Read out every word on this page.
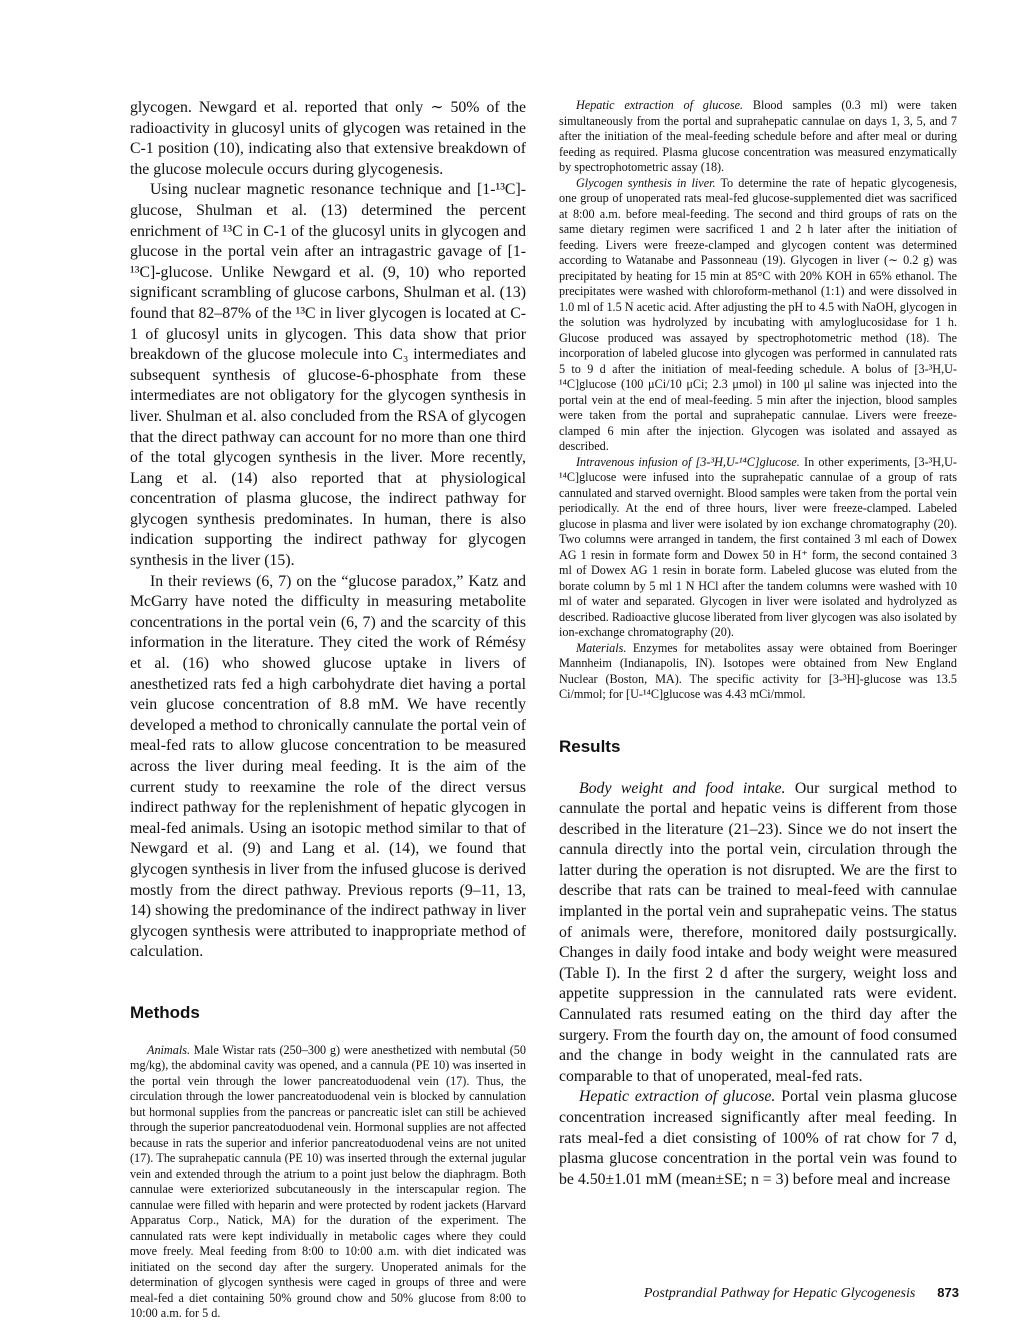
glycogen. Newgard et al. reported that only ∼ 50% of the radioactivity in glucosyl units of glycogen was retained in the C-1 position (10), indicating also that extensive breakdown of the glucose molecule occurs during glycogenesis.

Using nuclear magnetic resonance technique and [1-¹³C]-glucose, Shulman et al. (13) determined the percent enrichment of ¹³C in C-1 of the glucosyl units in glycogen and glucose in the portal vein after an intragastric gavage of [1-¹³C]-glucose. Unlike Newgard et al. (9, 10) who reported significant scrambling of glucose carbons, Shulman et al. (13) found that 82–87% of the ¹³C in liver glycogen is located at C-1 of glucosyl units in glycogen. This data show that prior breakdown of the glucose molecule into C₃ intermediates and subsequent synthesis of glucose-6-phosphate from these intermediates are not obligatory for the glycogen synthesis in liver. Shulman et al. also concluded from the RSA of glycogen that the direct pathway can account for no more than one third of the total glycogen synthesis in the liver. More recently, Lang et al. (14) also reported that at physiological concentration of plasma glucose, the indirect pathway for glycogen synthesis predominates. In human, there is also indication supporting the indirect pathway for glycogen synthesis in the liver (15).

In their reviews (6, 7) on the “glucose paradox,” Katz and McGarry have noted the difficulty in measuring metabolite concentrations in the portal vein (6, 7) and the scarcity of this information in the literature. They cited the work of Rémésy et al. (16) who showed glucose uptake in livers of anesthetized rats fed a high carbohydrate diet having a portal vein glucose concentration of 8.8 mM. We have recently developed a method to chronically cannulate the portal vein of meal-fed rats to allow glucose concentration to be measured across the liver during meal feeding. It is the aim of the current study to reexamine the role of the direct versus indirect pathway for the replenishment of hepatic glycogen in meal-fed animals. Using an isotopic method similar to that of Newgard et al. (9) and Lang et al. (14), we found that glycogen synthesis in liver from the infused glucose is derived mostly from the direct pathway. Previous reports (9–11, 13, 14) showing the predominance of the indirect pathway in liver glycogen synthesis were attributed to inappropriate method of calculation.

Methods

Animals. Male Wistar rats (250–300 g) were anesthetized with nembutal (50 mg/kg), the abdominal cavity was opened, and a cannula (PE 10) was inserted in the portal vein through the lower pancreatoduodenal vein (17). Thus, the circulation through the lower pancreatoduodenal vein is blocked by cannulation but hormonal supplies from the pancreas or pancreatic islet can still be achieved through the superior pancreatoduodenal vein. Hormonal supplies are not affected because in rats the superior and inferior pancreatoduodenal veins are not united (17). The suprahepatic cannula (PE 10) was inserted through the external jugular vein and extended through the atrium to a point just below the diaphragm. Both cannulae were exteriorized subcutaneously in the interscapular region. The cannulae were filled with heparin and were protected by rodent jackets (Harvard Apparatus Corp., Natick, MA) for the duration of the experiment. The cannulated rats were kept individually in metabolic cages where they could move freely. Meal feeding from 8:00 to 10:00 a.m. with diet indicated was initiated on the second day after the surgery. Unoperated animals for the determination of glycogen synthesis were caged in groups of three and were meal-fed a diet containing 50% ground chow and 50% glucose from 8:00 to 10:00 a.m. for 5 d.

Hepatic extraction of glucose. Blood samples (0.3 ml) were taken simultaneously from the portal and suprahepatic cannulae on days 1, 3, 5, and 7 after the initiation of the meal-feeding schedule before and after meal or during feeding as required. Plasma glucose concentration was measured enzymatically by spectrophotometric assay (18).

Glycogen synthesis in liver. To determine the rate of hepatic glycogenesis, one group of unoperated rats meal-fed glucose-supplemented diet was sacrificed at 8:00 a.m. before meal-feeding. The second and third groups of rats on the same dietary regimen were sacrificed 1 and 2 h later after the initiation of feeding. Livers were freeze-clamped and glycogen content was determined according to Watanabe and Passonneau (19). Glycogen in liver (∼ 0.2 g) was precipitated by heating for 15 min at 85°C with 20% KOH in 65% ethanol. The precipitates were washed with chloroform-methanol (1:1) and were dissolved in 1.0 ml of 1.5 N acetic acid. After adjusting the pH to 4.5 with NaOH, glycogen in the solution was hydrolyzed by incubating with amyloglucosidase for 1 h. Glucose produced was assayed by spectrophotometric method (18). The incorporation of labeled glucose into glycogen was performed in cannulated rats 5 to 9 d after the initiation of meal-feeding schedule. A bolus of [3-³H,U-¹⁴C]glucose (100 μCi/10 μCi; 2.3 μmol) in 100 μl saline was injected into the portal vein at the end of meal-feeding. 5 min after the injection, blood samples were taken from the portal and suprahepatic cannulae. Livers were freeze-clamped 6 min after the injection. Glycogen was isolated and assayed as described.

Intravenous infusion of [3-³H,U-¹⁴C]glucose. In other experiments, [3-³H,U-¹⁴C]glucose were infused into the suprahepatic cannulae of a group of rats cannulated and starved overnight. Blood samples were taken from the portal vein periodically. At the end of three hours, liver were freeze-clamped. Labeled glucose in plasma and liver were isolated by ion exchange chromatography (20). Two columns were arranged in tandem, the first contained 3 ml each of Dowex AG 1 resin in formate form and Dowex 50 in H⁺ form, the second contained 3 ml of Dowex AG 1 resin in borate form. Labeled glucose was eluted from the borate column by 5 ml 1 N HCl after the tandem columns were washed with 10 ml of water and separated. Glycogen in liver were isolated and hydrolyzed as described. Radioactive glucose liberated from liver glycogen was also isolated by ion-exchange chromatography (20).

Materials. Enzymes for metabolites assay were obtained from Boeringer Mannheim (Indianapolis, IN). Isotopes were obtained from New England Nuclear (Boston, MA). The specific activity for [3-³H]-glucose was 13.5 Ci/mmol; for [U-¹⁴C]glucose was 4.43 mCi/mmol.

Results

Body weight and food intake. Our surgical method to cannulate the portal and hepatic veins is different from those described in the literature (21–23). Since we do not insert the cannula directly into the portal vein, circulation through the latter during the operation is not disrupted. We are the first to describe that rats can be trained to meal-feed with cannulae implanted in the portal vein and suprahepatic veins. The status of animals were, therefore, monitored daily postsurgically. Changes in daily food intake and body weight were measured (Table I). In the first 2 d after the surgery, weight loss and appetite suppression in the cannulated rats were evident. Cannulated rats resumed eating on the third day after the surgery. From the fourth day on, the amount of food consumed and the change in body weight in the cannulated rats are comparable to that of unoperated, meal-fed rats.

Hepatic extraction of glucose. Portal vein plasma glucose concentration increased significantly after meal feeding. In rats meal-fed a diet consisting of 100% of rat chow for 7 d, plasma glucose concentration in the portal vein was found to be 4.50±1.01 mM (mean±SE; n = 3) before meal and increase

Postprandial Pathway for Hepatic Glycogenesis 873
